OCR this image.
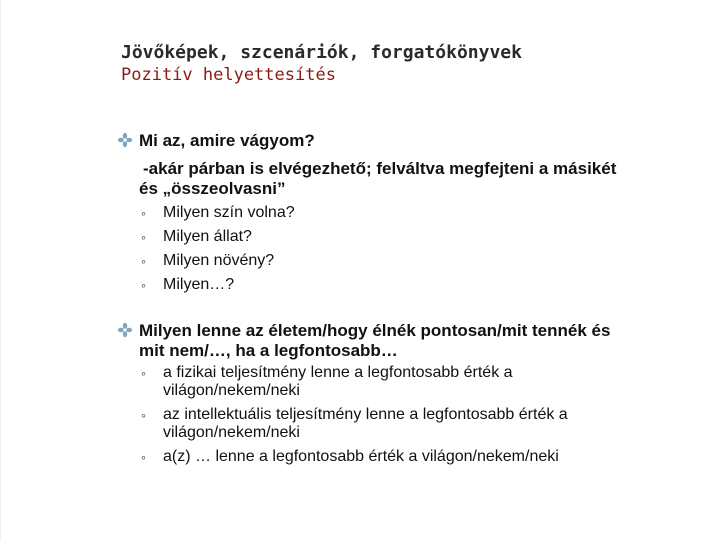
Jövőképek, szcenáriók, forgatókönyvek
Pozitív helyettesítés
Mi az, amire vágyom?
-akár párban is elvégezhető; felváltva megfejteni a másikét
és „összeolvasni”
◦ Milyen szín volna?
◦ Milyen állat?
◦ Milyen növény?
◦ Milyen…?
Milyen lenne az életem/hogy élnék pontosan/mit tennék és
mit nem/…, ha a legfontosabb…
◦ a fizikai teljesítmény lenne a legfontosabb érték a
világon/nekem/neki
◦ az intellektuális teljesítmény lenne a legfontosabb érték a
világon/nekem/neki
◦ a(z) … lenne a legfontosabb érték a világon/nekem/neki
